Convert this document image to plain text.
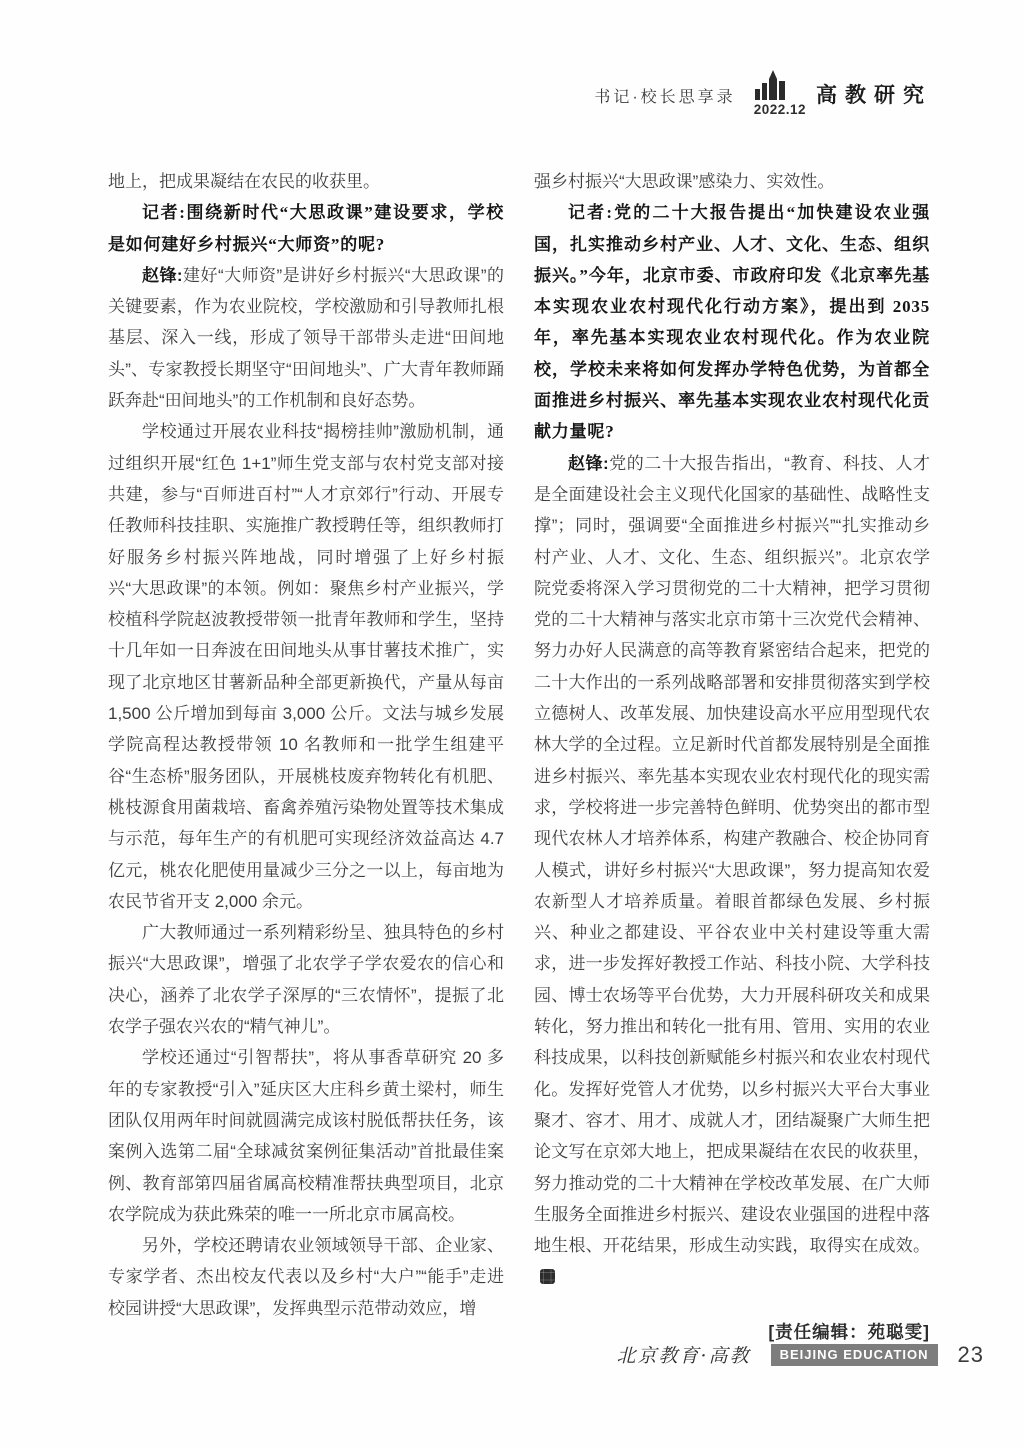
书记·校长思享录
2022.12
高教研究

地上，把成果凝结在农民的收获里。

记者:围绕新时代“大思政课”建设要求，学校是如何建好乡村振兴“大师资”的呢?

赵锋:建好“大师资”是讲好乡村振兴“大思政课”的关键要素，作为农业院校，学校激励和引导教师扎根基层、深入一线，形成了领导干部带头走进“田间地头”、专家教授长期坚守“田间地头”、广大青年教师踊跃奔赴“田间地头”的工作机制和良好态势。

学校通过开展农业科技“揭榜挂帅”激励机制，通过组织开展“红色 1+1”师生党支部与农村党支部对接共建，参与“百师进百村”“人才京郊行”行动、开展专任教师科技挂职、实施推广教授聘任等，组织教师打好服务乡村振兴阵地战，同时增强了上好乡村振兴“大思政课”的本领。例如：聚焦乡村产业振兴，学校植科学院赵波教授带领一批青年教师和学生，坚持十几年如一日奔波在田间地头从事甘薯技术推广，实现了北京地区甘薯新品种全部更新换代，产量从每亩 1,500 公斤增加到每亩 3,000 公斤。文法与城乡发展学院高程达教授带领 10 名教师和一批学生组建平谷“生态桥”服务团队，开展桃枝废弃物转化有机肥、桃枝源食用菌栽培、畜禽养殖污染物处置等技术集成与示范，每年生产的有机肥可实现经济效益高达 4.7 亿元，桃农化肥使用量减少三分之一以上，每亩地为农民节省开支 2,000 余元。

广大教师通过一系列精彩纷呈、独具特色的乡村振兴“大思政课”，增强了北农学子学农爱农的信心和决心，涵养了北农学子深厚的“三农情怀”，提振了北农学子强农兴农的“精气神儿”。

学校还通过“引智帮扶”，将从事香草研究 20 多年的专家教授“引入”延庆区大庄科乡黄土梁村，师生团队仅用两年时间就圆满完成该村脱低帮扶任务，该案例入选第二届“全球减贫案例征集活动”首批最佳案例、教育部第四届省属高校精准帮扶典型项目，北京农学院成为获此殊荣的唯一一所北京市属高校。

另外，学校还聘请农业领域领导干部、企业家、专家学者、杰出校友代表以及乡村“大户”“能手”走进校园讲授“大思政课”，发挥典型示范带动效应，增

强乡村振兴“大思政课”感染力、实效性。

记者:党的二十大报告提出“加快建设农业强国，扎实推动乡村产业、人才、文化、生态、组织振兴。”今年，北京市委、市政府印发《北京率先基本实现农业农村现代化行动方案》，提出到 2035 年，率先基本实现农业农村现代化。作为农业院校，学校未来将如何发挥办学特色优势，为首都全面推进乡村振兴、率先基本实现农业农村现代化贡献力量呢?

赵锋:党的二十大报告指出，“教育、科技、人才是全面建设社会主义现代化国家的基础性、战略性支撑”；同时，强调要“全面推进乡村振兴”“扎实推动乡村产业、人才、文化、生态、组织振兴”。北京农学院党委将深入学习贯彻党的二十大精神，把学习贯彻党的二十大精神与落实北京市第十三次党代会精神、努力办好人民满意的高等教育紧密结合起来，把党的二十大作出的一系列战略部署和安排贯彻落实到学校立德树人、改革发展、加快建设高水平应用型现代农林大学的全过程。立足新时代首都发展特别是全面推进乡村振兴、率先基本实现农业农村现代化的现实需求，学校将进一步完善特色鲜明、优势突出的都市型现代农林人才培养体系，构建产教融合、校企协同育人模式，讲好乡村振兴“大思政课”，努力提高知农爱农新型人才培养质量。着眼首都绿色发展、乡村振兴、种业之都建设、平谷农业中关村建设等重大需求，进一步发挥好教授工作站、科技小院、大学科技园、博士农场等平台优势，大力开展科研攻关和成果转化，努力推出和转化一批有用、管用、实用的农业科技成果，以科技创新赋能乡村振兴和农业农村现代化。发挥好党管人才优势，以乡村振兴大平台大事业聚才、容才、用才、成就人才，团结凝聚广大师生把论文写在京郊大地上，把成果凝结在农民的收获里，努力推动党的二十大精神在学校改革发展、在广大师生服务全面推进乡村振兴、建设农业强国的进程中落地生根、开花结果，形成生动实践，取得实在成效。

[责任编辑：苑聪雯]

北京教育·高教	BEIJING EDUCATION	23
